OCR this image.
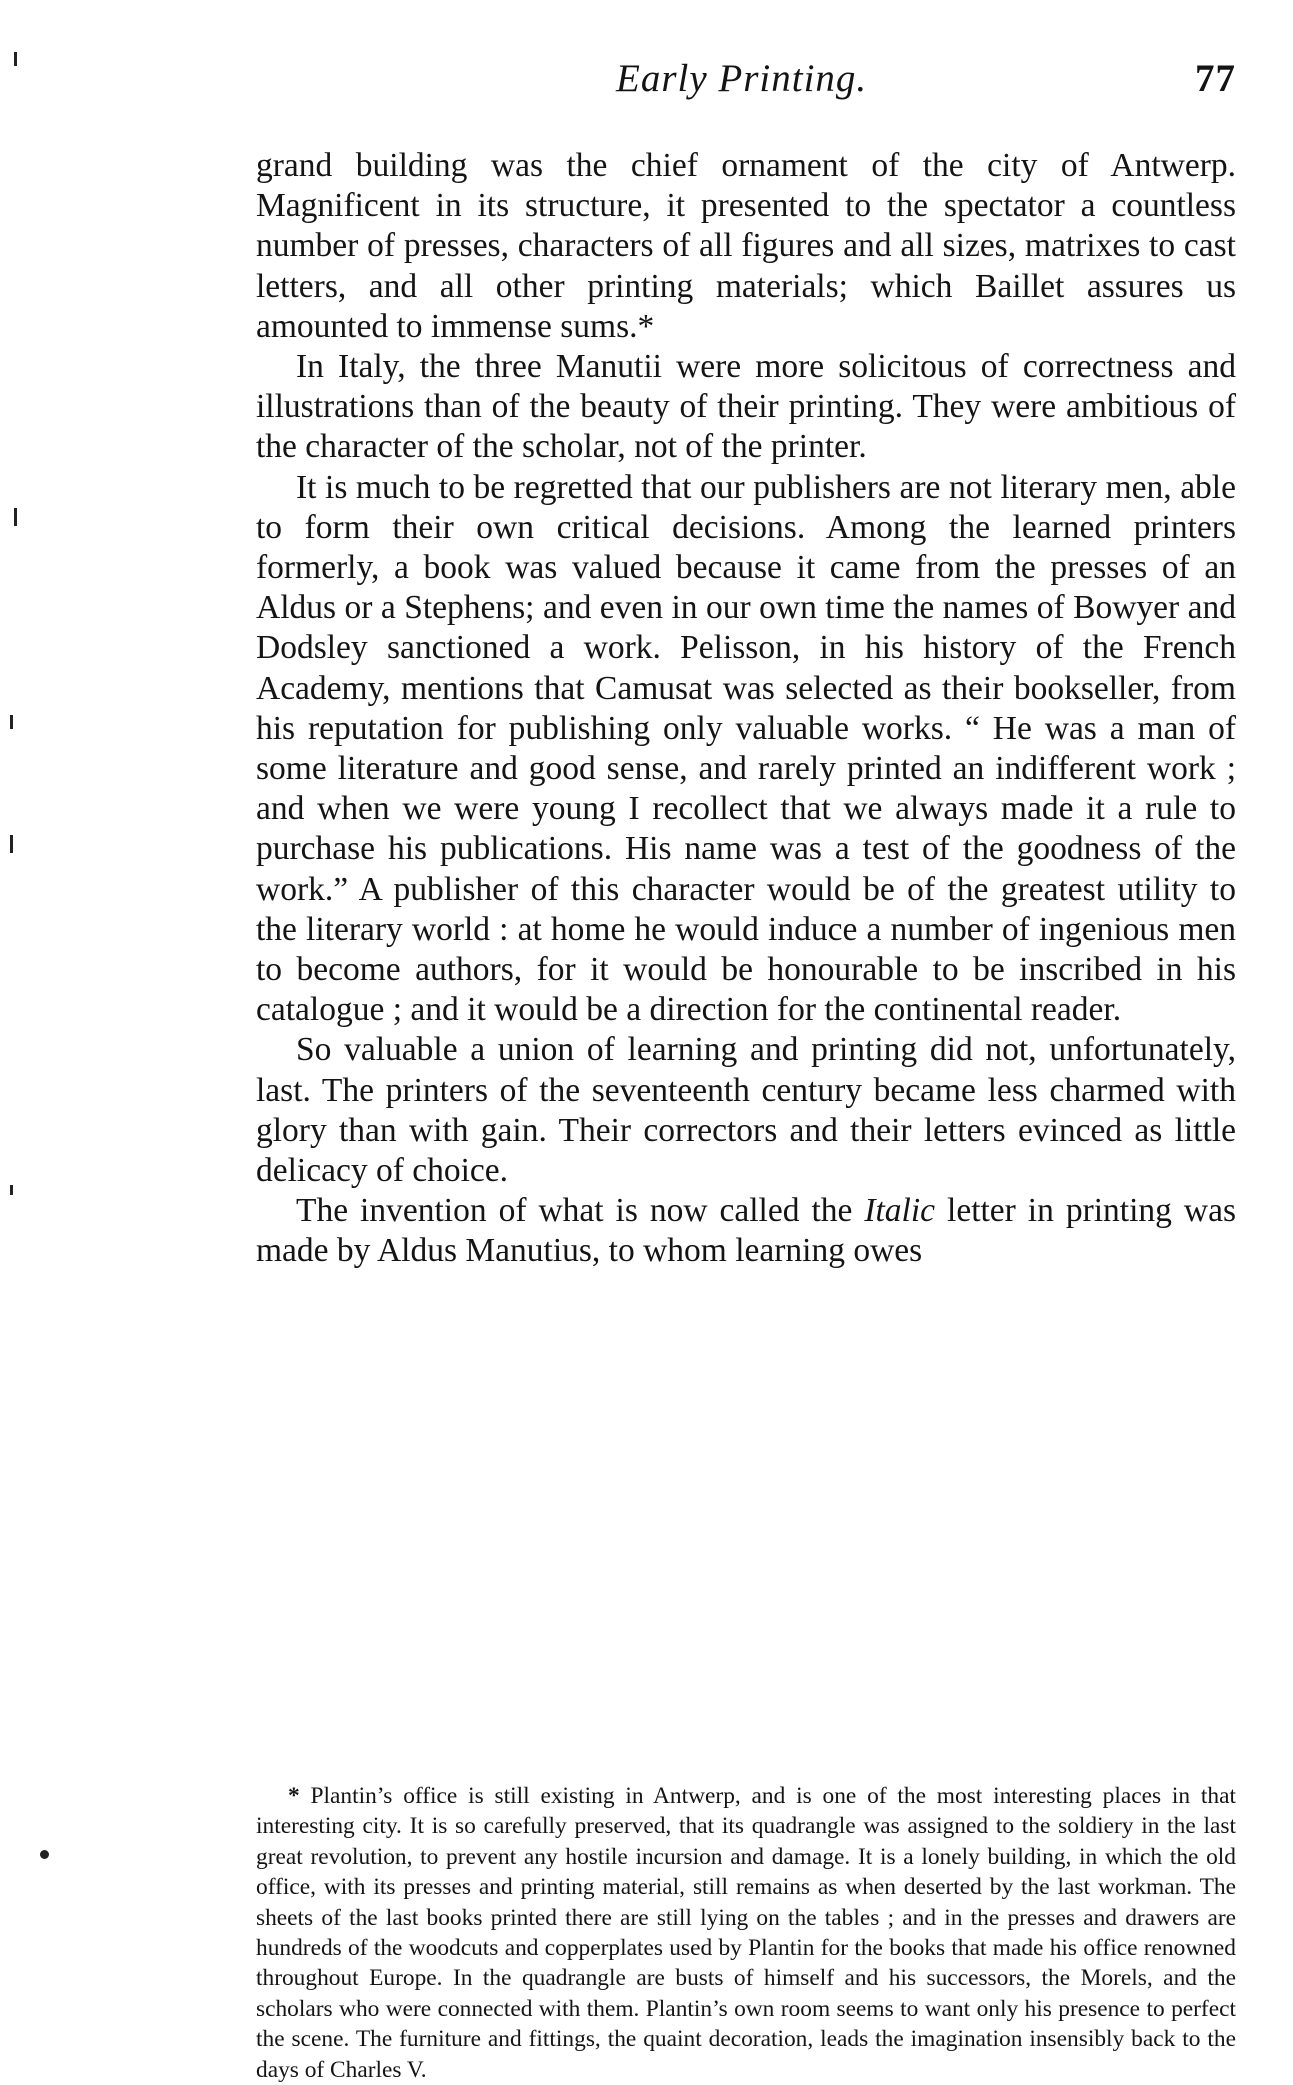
Early Printing.	77

grand building was the chief ornament of the city of Antwerp. Magnificent in its structure, it presented to the spectator a countless number of presses, characters of all figures and all sizes, matrixes to cast letters, and all other printing materials; which Baillet assures us amounted to immense sums.*

In Italy, the three Manutii were more solicitous of correctness and illustrations than of the beauty of their printing. They were ambitious of the character of the scholar, not of the printer.

It is much to be regretted that our publishers are not literary men, able to form their own critical decisions. Among the learned printers formerly, a book was valued because it came from the presses of an Aldus or a Stephens; and even in our own time the names of Bowyer and Dodsley sanctioned a work. Pelisson, in his history of the French Academy, mentions that Camusat was selected as their bookseller, from his reputation for publishing only valuable works. “ He was a man of some literature and good sense, and rarely printed an indifferent work ; and when we were young I recollect that we always made it a rule to purchase his publications. His name was a test of the goodness of the work.” A publisher of this character would be of the greatest utility to the literary world : at home he would induce a number of ingenious men to become authors, for it would be honourable to be inscribed in his catalogue ; and it would be a direction for the continental reader.

So valuable a union of learning and printing did not, unfortunately, last. The printers of the seventeenth century became less charmed with glory than with gain. Their correctors and their letters evinced as little delicacy of choice.

The invention of what is now called the Italic letter in printing was made by Aldus Manutius, to whom learning owes

* Plantin’s office is still existing in Antwerp, and is one of the most interesting places in that interesting city. It is so carefully preserved, that its quadrangle was assigned to the soldiery in the last great revolution, to prevent any hostile incursion and damage. It is a lonely building, in which the old office, with its presses and printing material, still remains as when deserted by the last workman. The sheets of the last books printed there are still lying on the tables ; and in the presses and drawers are hundreds of the woodcuts and copperplates used by Plantin for the books that made his office renowned throughout Europe. In the quadrangle are busts of himself and his successors, the Morels, and the scholars who were connected with them. Plantin’s own room seems to want only his presence to perfect the scene. The furniture and fittings, the quaint decoration, leads the imagination insensibly back to the days of Charles V.
